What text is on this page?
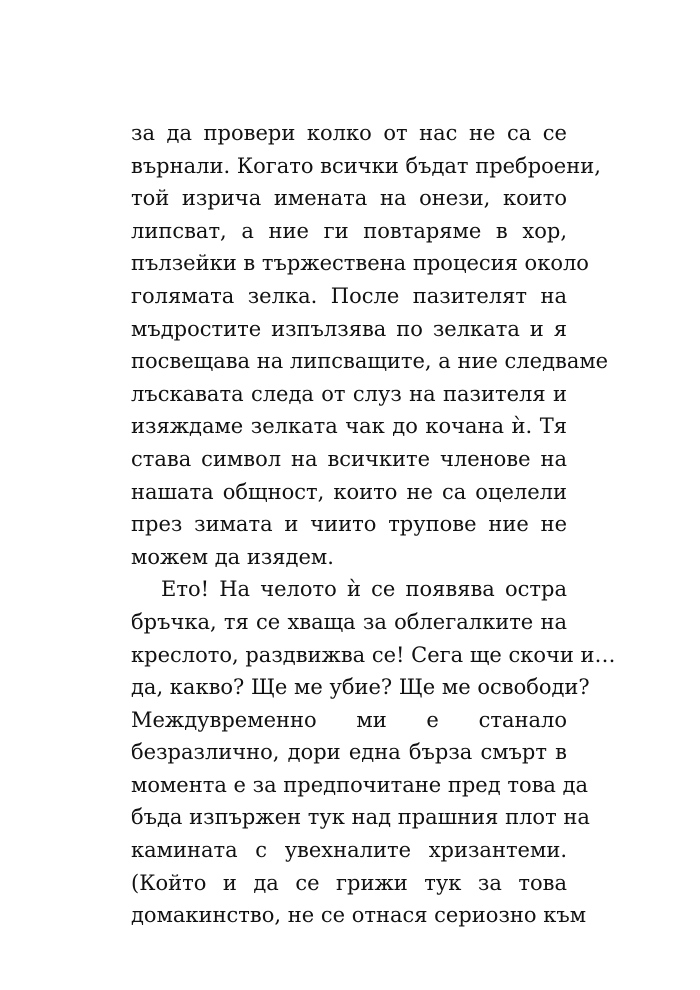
за да провери колко от нас не са се
върнали. Когато всички бъдат преброени,
той изрича имената на онези, които
липсват, а ние ги повтаряме в хор,
пълзейки в тържествена процесия около
голямата зелка. После пазителят на
мъдростите изпълзява по зелката и я
посвещава на липсващите, а ние следваме
лъскавата следа от слуз на пазителя и
изяждаме зелката чак до кочана ѝ. Тя
става символ на всичките членове на
нашата общност, които не са оцелели
през зимата и чиито трупове ние не
можем да изядем.
Ето! На челото ѝ се появява остра
бръчка, тя се хваща за облегалките на
креслото, раздвижва се! Сега ще скочи и…
да, какво? Ще ме убие? Ще ме освободи?
Междувременно ми е станало
безразлично, дори една бърза смърт в
момента е за предпочитане пред това да
бъда изпържен тук над прашния плот на
камината с увехналите хризантеми.
(Който и да се грижи тук за това
домакинство, не се отнася сериозно към
